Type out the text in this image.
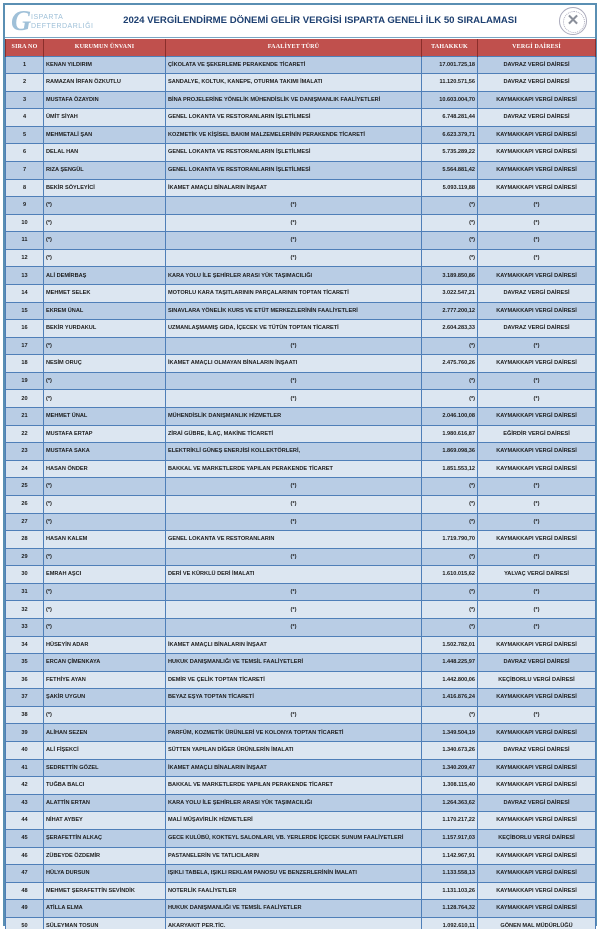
G ISPARTA
DEFTERDARLIĞI
2024 VERGİLENDİRME DÖNEMİ GELİR VERGİSİ ISPARTA GENELİ İLK 50 SIRALAMASI	✕
SIRA NO	KURUMUN ÜNVANI	FAALİYET TÜRÜ	TAHAKKUK	VERGİ DAİRESİ
1	KENAN YILDIRIM	ÇİKOLATA VE ŞEKERLEME PERAKENDE TİCARETİ	17.001.725,18	DAVRAZ VERGİ DAİRESİ
2	RAMAZAN İRFAN ÖZKUTLU	SANDALYE, KOLTUK, KANEPE, OTURMA TAKIMI İMALATI	11.120.571,56	DAVRAZ VERGİ DAİRESİ
3	MUSTAFA ÖZAYDIN	BİNA PROJELERİNE YÖNELİK MÜHENDİSLİK VE DANIŞMANLIK FAALİYETLERİ	10.603.004,70	KAYMAKKAPI VERGİ DAİRESİ
4	ÜMİT SİYAH	GENEL LOKANTA VE RESTORANLARIN İŞLETİLMESİ	6.748.281,44	DAVRAZ VERGİ DAİRESİ
5	MEHMETALİ ŞAN	KOZMETİK VE KİŞİSEL BAKIM MALZEMELERİNİN PERAKENDE TİCARETİ	6.623.379,71	KAYMAKKAPI VERGİ DAİRESİ
6	DELAL HAN	GENEL LOKANTA VE RESTORANLARIN İŞLETİLMESİ	5.735.289,22	KAYMAKKAPI VERGİ DAİRESİ
7	RIZA ŞENGÜL	GENEL LOKANTA VE RESTORANLARIN İŞLETİLMESİ	5.564.881,42	KAYMAKKAPI VERGİ DAİRESİ
8	BEKİR SÖYLEYİCİ	İKAMET AMAÇLI BİNALARIN İNŞAAT	5.093.119,88	KAYMAKKAPI VERGİ DAİRESİ
9	(*)	(*)	(*)	(*)
10	(*)	(*)	(*)	(*)
11	(*)	(*)	(*)	(*)
12	(*)	(*)	(*)	(*)
13	ALİ DEMİRBAŞ	KARA YOLU İLE ŞEHİRLER ARASI YÜK TAŞIMACILIĞI	3.189.850,86	KAYMAKKAPI VERGİ DAİRESİ
14	MEHMET SELEK	MOTORLU KARA TAŞITLARININ PARÇALARININ TOPTAN TİCARETİ	3.022.547,21	DAVRAZ VERGİ DAİRESİ
15	EKREM ÜNAL	SINAVLARA YÖNELİK KURS VE ETÜT MERKEZLERİNİN FAALİYETLERİ	2.777.200,12	KAYMAKKAPI VERGİ DAİRESİ
16	BEKİR YURDAKUL	UZMANLAŞMAMIŞ GIDA, İÇECEK VE TÜTÜN TOPTAN TİCARETİ	2.604.283,33	DAVRAZ VERGİ DAİRESİ
17	(*)	(*)	(*)	(*)
18	NESİM ORUÇ	İKAMET AMAÇLI OLMAYAN BİNALARIN İNŞAATI	2.475.760,26	KAYMAKKAPI VERGİ DAİRESİ
19	(*)	(*)	(*)	(*)
20	(*)	(*)	(*)	(*)
21	MEHMET ÜNAL	MÜHENDİSLİK DANIŞMANLIK HİZMETLER	2.046.100,08	KAYMAKKAPI VERGİ DAİRESİ
22	MUSTAFA ERTAP	ZİRAİ GÜBRE, İLAÇ, MAKİNE TİCARETİ	1.980.616,87	EĞİRDİR VERGİ DAİRESİ
23	MUSTAFA SAKA	ELEKTRİKLİ GÜNEŞ ENERJİSİ KOLLEKTÖRLERİ,	1.869.098,36	KAYMAKKAPI VERGİ DAİRESİ
24	HASAN ÖNDER	BAKKAL VE MARKETLERDE YAPILAN PERAKENDE TİCARET	1.851.553,12	KAYMAKKAPI VERGİ DAİRESİ
25	(*)	(*)	(*)	(*)
26	(*)	(*)	(*)	(*)
27	(*)	(*)	(*)	(*)
28	HASAN KALEM	GENEL LOKANTA VE RESTORANLARIN	1.719.790,70	KAYMAKKAPI VERGİ DAİRESİ
29	(*)	(*)	(*)	(*)
30	EMRAH AŞCI	DERİ VE KÜRKLÜ DERİ İMALATI	1.610.015,62	YALVAÇ VERGİ DAİRESİ
31	(*)	(*)	(*)	(*)
32	(*)	(*)	(*)	(*)
33	(*)	(*)	(*)	(*)
34	HÜSEYİN ADAR	İKAMET AMAÇLI BİNALARIN İNŞAAT	1.502.782,01	KAYMAKKAPI VERGİ DAİRESİ
35	ERCAN ÇİMENKAYA	HUKUK DANIŞMANLIĞI VE TEMSİL FAALİYETLERİ	1.448.225,97	DAVRAZ VERGİ DAİRESİ
36	FETHİYE AYAN	DEMİR VE ÇELİK TOPTAN TİCARETİ	1.442.800,06	KEÇİBORLU VERGİ DAİRESİ
37	ŞAKİR UYGUN	BEYAZ EŞYA TOPTAN TİCARETİ	1.416.876,24	KAYMAKKAPI VERGİ DAİRESİ
38	(*)	(*)	(*)	(*)
39	ALİHAN SEZEN	PARFÜM, KOZMETİK ÜRÜNLERİ VE KOLONYA TOPTAN TİCARETİ	1.349.504,19	KAYMAKKAPI VERGİ DAİRESİ
40	ALİ FİŞEKCİ	SÜTTEN YAPILAN DİĞER ÜRÜNLERİN İMALATI	1.340.673,26	DAVRAZ VERGİ DAİRESİ
41	SEDRETTİN GÖZEL	İKAMET AMAÇLI BİNALARIN İNŞAAT	1.340.209,47	KAYMAKKAPI VERGİ DAİRESİ
42	TUĞBA BALCI	BAKKAL VE MARKETLERDE YAPILAN PERAKENDE TİCARET	1.308.115,40	KAYMAKKAPI VERGİ DAİRESİ
43	ALATTİN ERTAN	KARA YOLU İLE ŞEHİRLER ARASI YÜK TAŞIMACILIĞI	1.264.363,62	DAVRAZ VERGİ DAİRESİ
44	NİHAT AYBEY	MALİ MÜŞAVİRLİK HİZMETLERİ	1.170.217,22	KAYMAKKAPI VERGİ DAİRESİ
45	ŞERAFETTİN ALKAÇ	GECE KULÜBÜ, KOKTEYL SALONLARI, VB. YERLERDE İÇECEK SUNUM FAALİYETLERİ	1.157.917,03	KEÇİBORLU VERGİ DAİRESİ
46	ZÜBEYDE ÖZDEMİR	PASTANELERİN VE TATLICILARIN	1.142.967,91	KAYMAKKAPI VERGİ DAİRESİ
47	HÜLYA DURSUN	IŞIKLI TABELA, IŞIKLI REKLAM PANOSU VE BENZERLERİNİN İMALATI	1.133.558,13	KAYMAKKAPI VERGİ DAİRESİ
48	MEHMET ŞERAFETTİN SEVİNDİK	NOTERLİK FAALİYETLER	1.131.103,26	KAYMAKKAPI VERGİ DAİRESİ
49	ATİLLA ELMA	HUKUK DANIŞMANLIĞI VE TEMSİL FAALİYETLER	1.128.764,32	KAYMAKKAPI VERGİ DAİRESİ
50	SÜLEYMAN TOSUN	AKARYAKIT PER.TİC.	1.092.610,11	GÖNEN MAL MÜDÜRLÜĞÜ
